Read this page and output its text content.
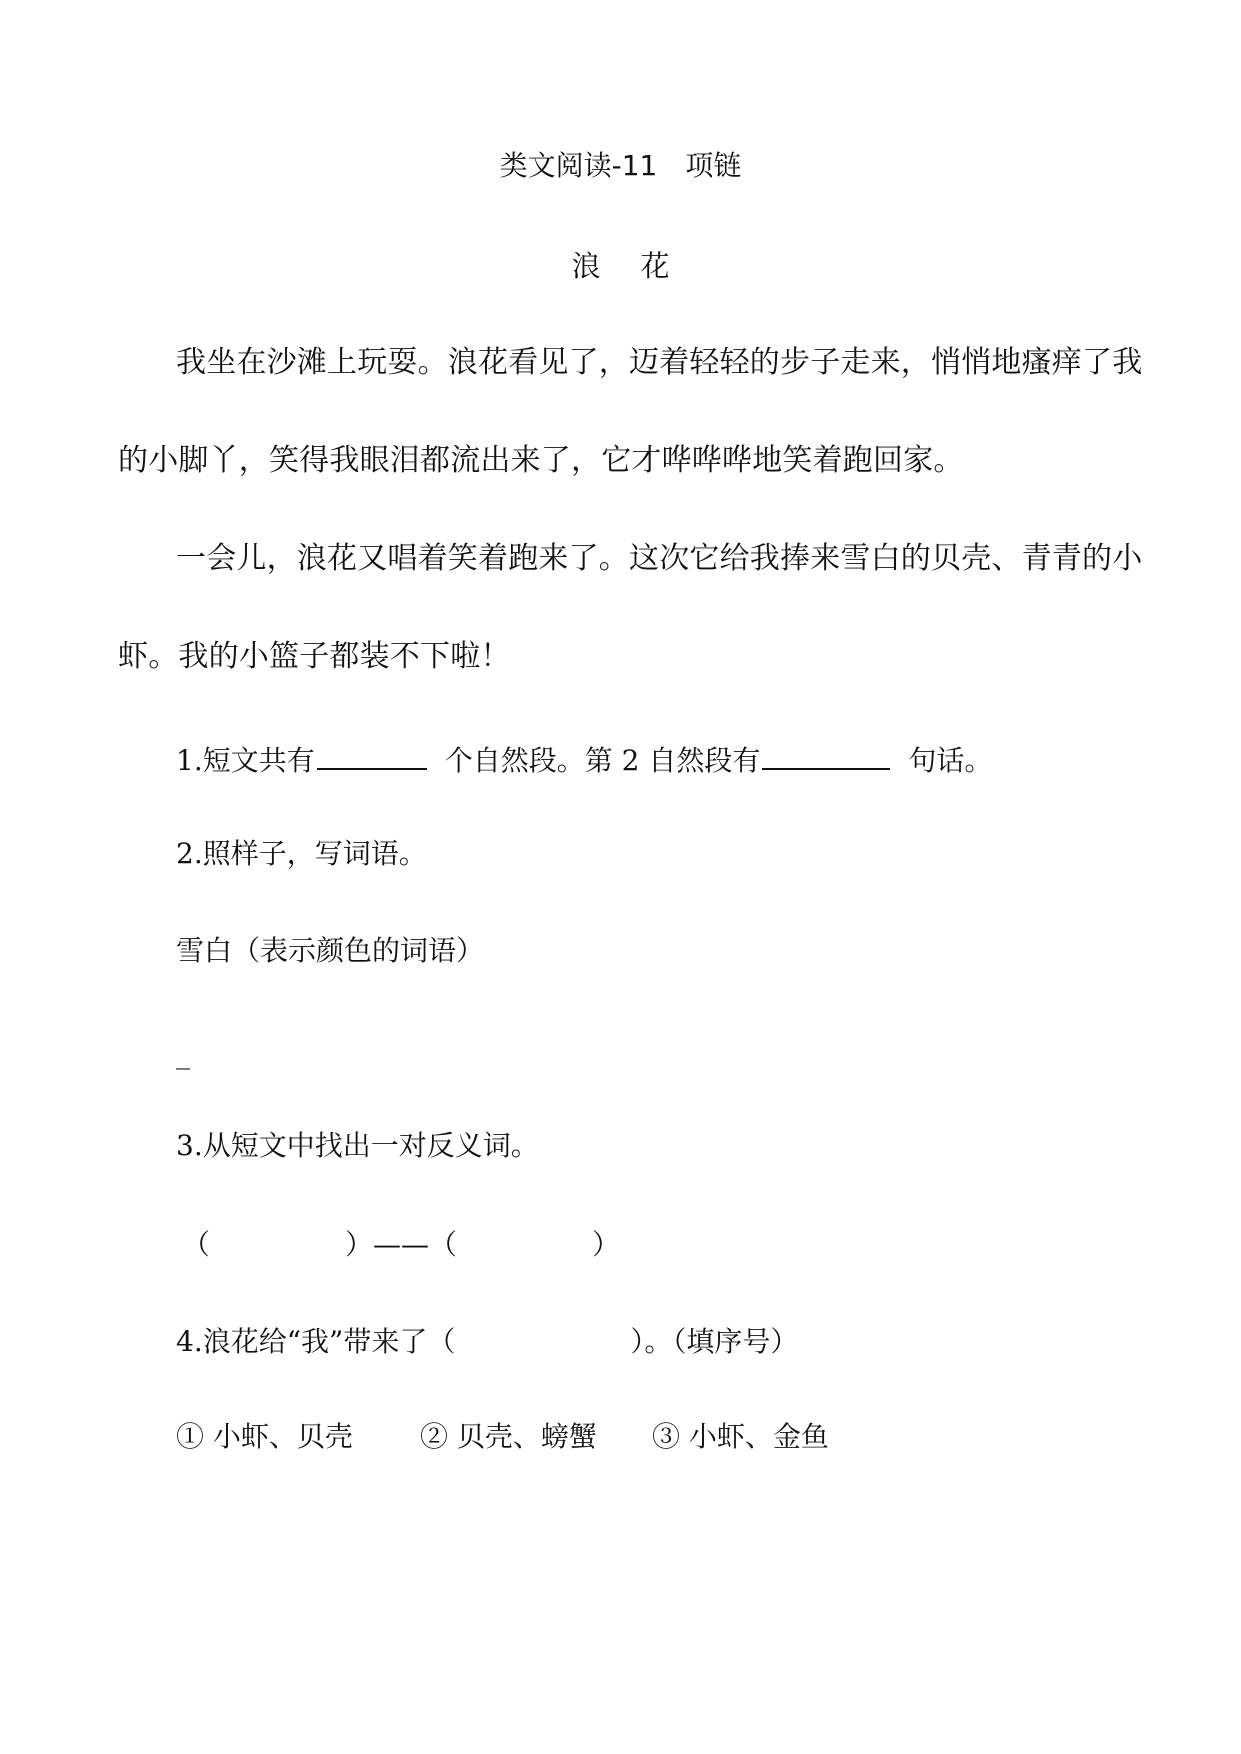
类文阅读-11　项链
浪花
我坐在沙滩上玩耍。浪花看见了，迈着轻轻的步子走来，悄悄地瘙痒了我
的小脚丫，笑得我眼泪都流出来了，它才哗哗哗地笑着跑回家。
一会儿，浪花又唱着笑着跑来了。这次它给我捧来雪白的贝壳、青青的小
虾。我的小篮子都装不下啦！
1.短文共有	个自然段。第 2 自然段有	句话。
2.照样子，写词语。
雪白（表示颜色的词语）
_
3.从短文中找出一对反义词。
（	）——（	）
4.浪花给“我”带来了（	）。（填序号）
① 小虾、贝壳 ② 贝壳、螃蟹 ③ 小虾、金鱼
